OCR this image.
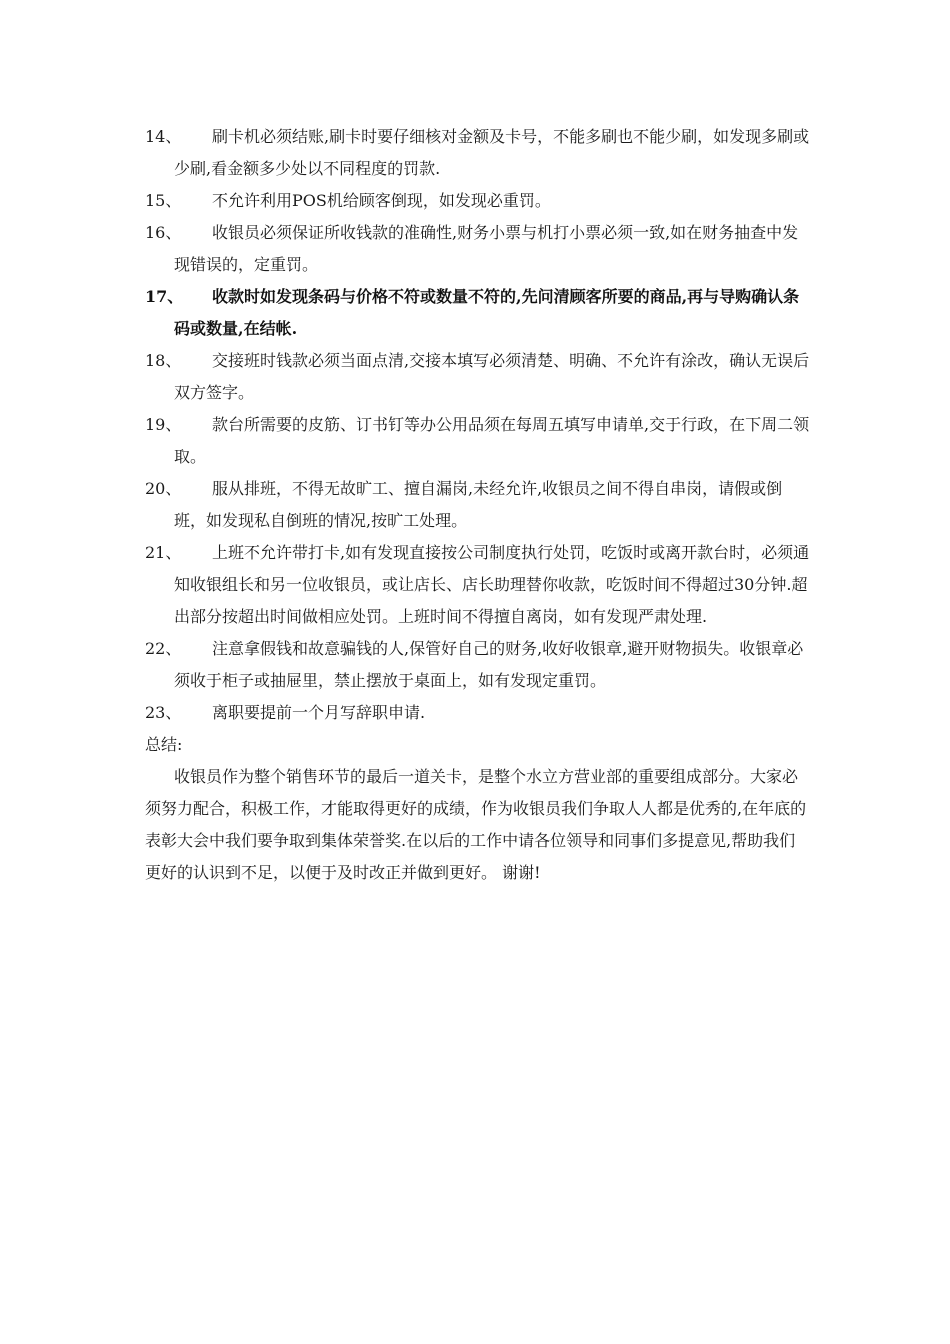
14、 刷卡机必须结账,刷卡时要仔细核对金额及卡号，不能多刷也不能少刷，如发现多刷或少刷,看金额多少处以不同程度的罚款.

15、 不允许利用POS机给顾客倒现，如发现必重罚。

16、 收银员必须保证所收钱款的准确性,财务小票与机打小票必须一致,如在财务抽查中发现错误的，定重罚。

17、 收款时如发现条码与价格不符或数量不符的,先问清顾客所要的商品,再与导购确认条码或数量,在结帐.

18、 交接班时钱款必须当面点清,交接本填写必须清楚、明确、不允许有涂改，确认无误后双方签字。

19、 款台所需要的皮筋、订书钉等办公用品须在每周五填写申请单,交于行政，在下周二领取。

20、 服从排班，不得无故旷工、擅自漏岗,未经允许,收银员之间不得自串岗，请假或倒班，如发现私自倒班的情况,按旷工处理。

21、 上班不允许带打卡,如有发现直接按公司制度执行处罚，吃饭时或离开款台时，必须通知收银组长和另一位收银员，或让店长、店长助理替你收款，吃饭时间不得超过30分钟.超出部分按超出时间做相应处罚。上班时间不得擅自离岗，如有发现严肃处理.

22、 注意拿假钱和故意骗钱的人,保管好自己的财务,收好收银章,避开财物损失。收银章必须收于柜子或抽屉里，禁止摆放于桌面上，如有发现定重罚。

23、 离职要提前一个月写辞职申请.

总结:

收银员作为整个销售环节的最后一道关卡，是整个水立方营业部的重要组成部分。大家必须努力配合，积极工作，才能取得更好的成绩，作为收银员我们争取人人都是优秀的,在年底的表彰大会中我们要争取到集体荣誉奖.在以后的工作中请各位领导和同事们多提意见,帮助我们更好的认识到不足，以便于及时改正并做到更好。 谢谢!
